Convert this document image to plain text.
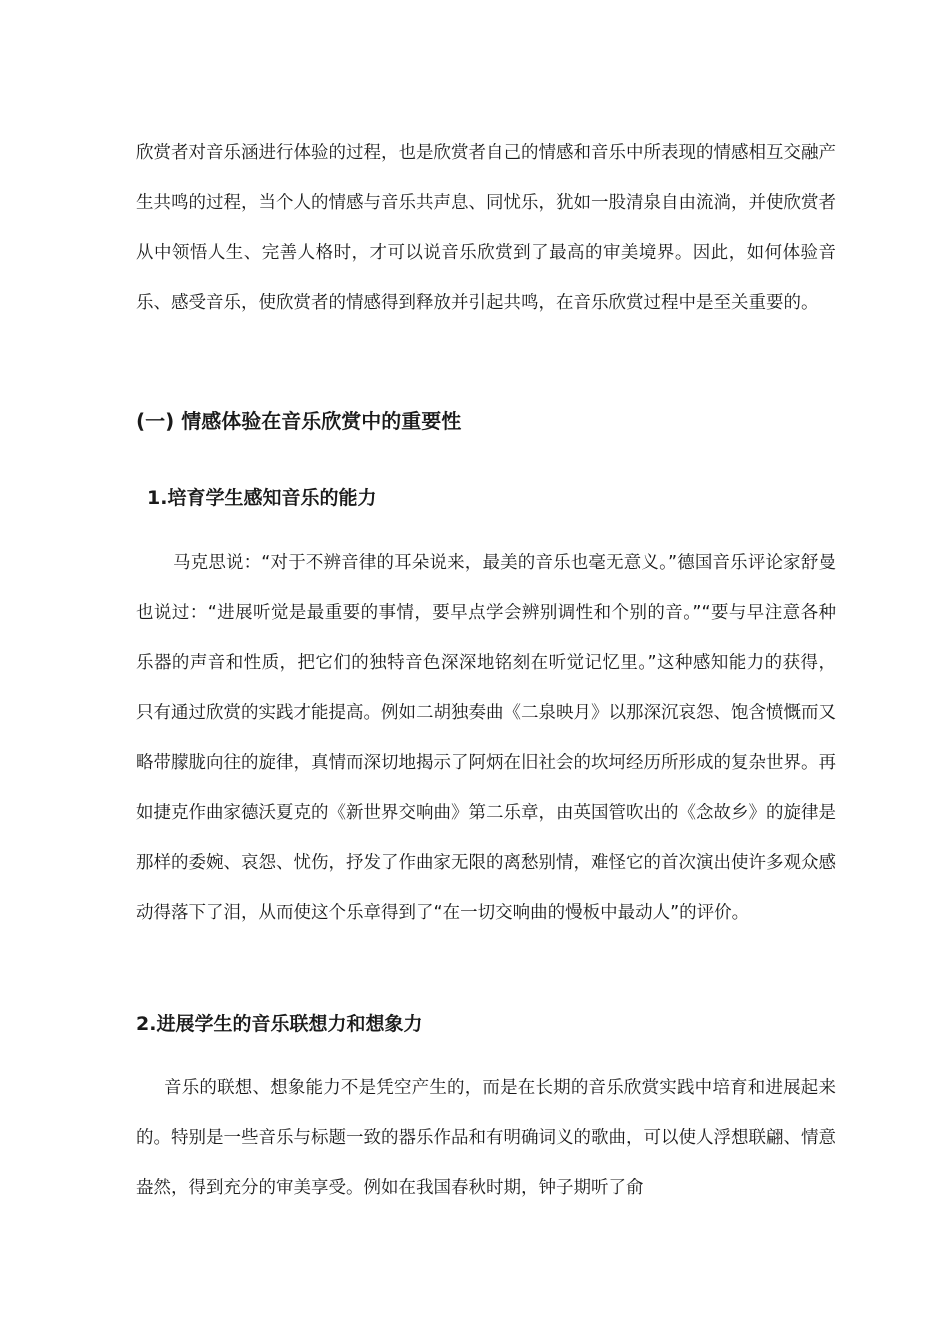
欣赏者对音乐涵进行体验的过程，也是欣赏者自己的情感和音乐中所表现的情感相互交融产生共鸣的过程，当个人的情感与音乐共声息、同忧乐，犹如一股清泉自由流淌，并使欣赏者从中领悟人生、完善人格时，才可以说音乐欣赏到了最高的审美境界。因此，如何体验音乐、感受音乐，使欣赏者的情感得到释放并引起共鸣，在音乐欣赏过程中是至关重要的。

(一) 情感体验在音乐欣赏中的重要性
1.培育学生感知音乐的能力

马克思说：“对于不辨音律的耳朵说来，最美的音乐也毫无意义。”德国音乐评论家舒曼也说过：“进展听觉是最重要的事情，要早点学会辨别调性和个别的音。”“要与早注意各种乐器的声音和性质，把它们的独特音色深深地铭刻在听觉记忆里。”这种感知能力的获得，只有通过欣赏的实践才能提高。例如二胡独奏曲《二泉映月》以那深沉哀怨、饱含愤慨而又略带朦胧向往的旋律，真情而深切地揭示了阿炳在旧社会的坎坷经历所形成的复杂世界。再如捷克作曲家德沃夏克的《新世界交响曲》第二乐章，由英国管吹出的《念故乡》的旋律是那样的委婉、哀怨、忧伤，抒发了作曲家无限的离愁别情，难怪它的首次演出使许多观众感动得落下了泪，从而使这个乐章得到了“在一切交响曲的慢板中最动人”的评价。

2.进展学生的音乐联想力和想象力

音乐的联想、想象能力不是凭空产生的，而是在长期的音乐欣赏实践中培育和进展起来的。特别是一些音乐与标题一致的器乐作品和有明确词义的歌曲，可以使人浮想联翩、情意盎然，得到充分的审美享受。例如在我国春秋时期，钟子期听了俞
